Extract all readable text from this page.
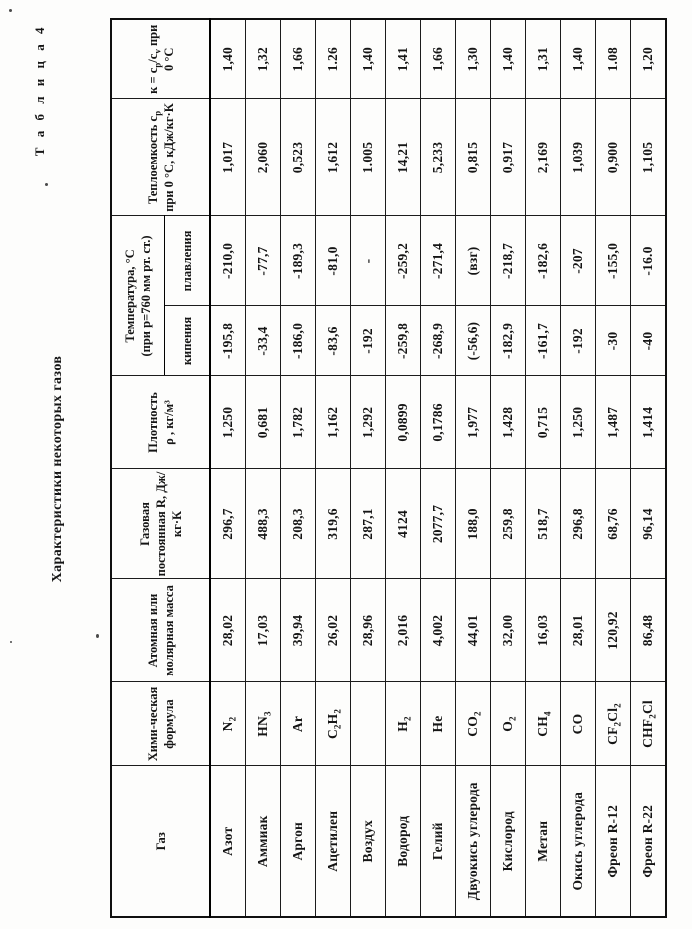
Т а б л и ц а 4
Характеристики некоторых газов
Газ	Хими-ческая формула	Атомная или молярная масса	Газовая постоянная R, Дж/кг·К	Плотность ρ , кг/м³	Температура, °С (при р=760 мм рт. ст.)		Теплоемкость $с_р$ при 0 °С, кДж/кг·К	$к = с_р/с_v$ при 0 °С
					кипения	плавления		
Азот	$N_2$	28,02	296,7	1,250	-195,8	-210,0	1,017	1,40
Аммиак	$HN_3$	17,03	488,3	0,681	-33,4	-77,7	2,060	1,32
Аргон	Ar	39,94	208,3	1,782	-186,0	-189,3	0,523	1,66
Ацетилен	$C_2H_2$	26,02	319,6	1,162	-83,6	-81,0	1,612	1.26
Воздух		28,96	287,1	1,292	-192	-	1.005	1,40
Водород	$H_2$	2,016	4124	0,0899	-259,8	-259,2	14,21	1,41
Гелий	He	4,002	2077,7	0,1786	-268,9	-271,4	5,233	1,66
Двуокись углерода	$CO_2$	44,01	188,0	1,977	(-56,6)	(взг)	0,815	1,30
Кислород	$O_2$	32,00	259,8	1,428	-182,9	-218,7	0,917	1,40
Метан	$CH_4$	16,03	518,7	0,715	-161,7	-182,6	2,169	1,31
Окись углерода	CO	28,01	296,8	1,250	-192	-207	1,039	1,40
Фреон R-12	$CF_2Cl_2$	120,92	68,76	1,487	-30	-155,0	0,900	1.08
Фреон R-22	$CHF_2Cl$	86,48	96,14	1,414	-40	-16.0	1,105	1,20
